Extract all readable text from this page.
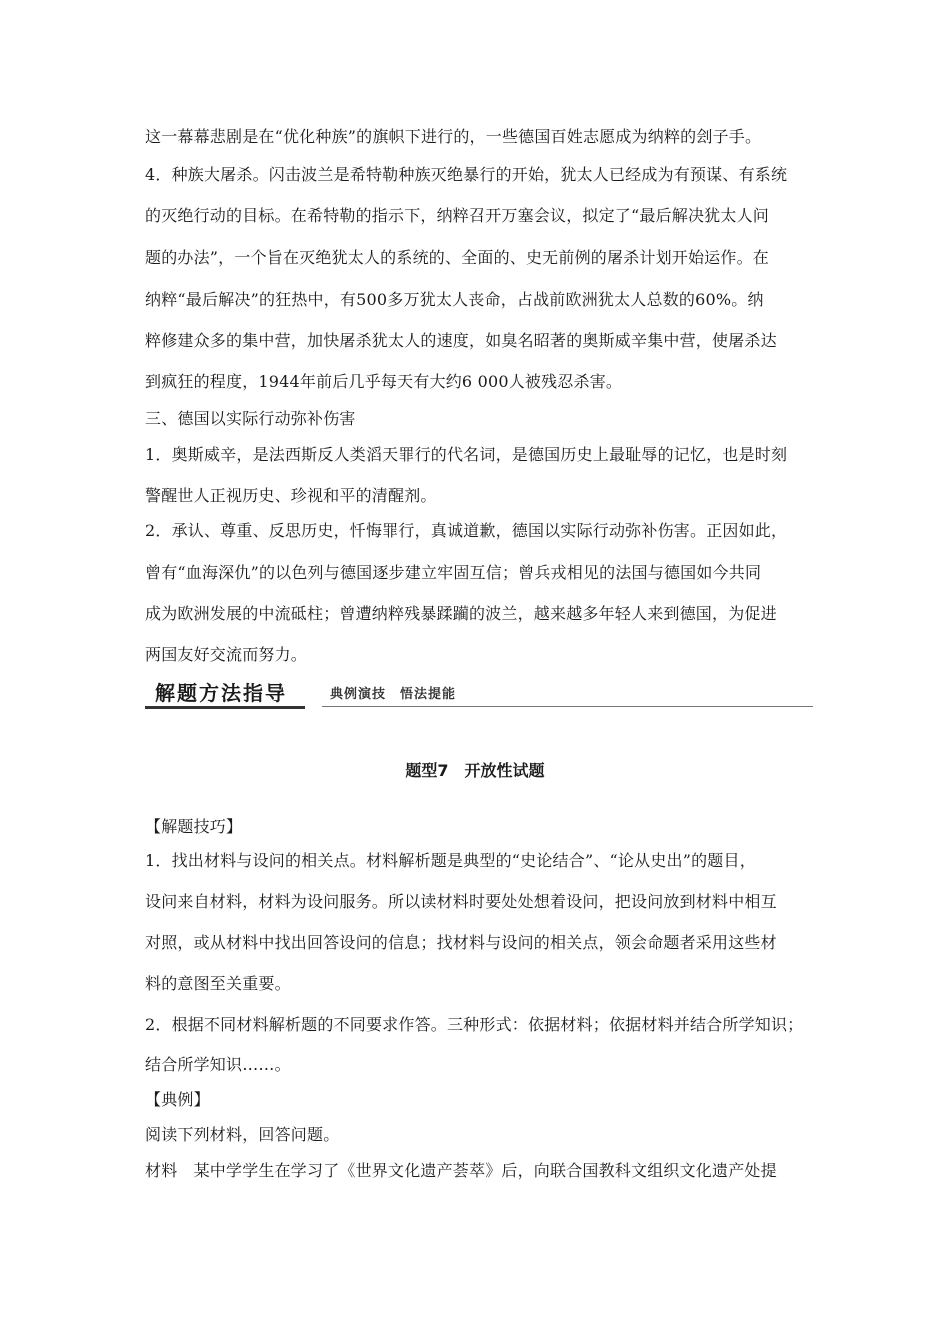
这一幕幕悲剧是在“优化种族”的旗帜下进行的，一些德国百姓志愿成为纳粹的刽子手。
4．种族大屠杀。闪击波兰是希特勒种族灭绝暴行的开始，犹太人已经成为有预谋、有系统
的灭绝行动的目标。在希特勒的指示下，纳粹召开万塞会议，拟定了“最后解决犹太人问
题的办法”，一个旨在灭绝犹太人的系统的、全面的、史无前例的屠杀计划开始运作。在
纳粹“最后解决”的狂热中，有500多万犹太人丧命，占战前欧洲犹太人总数的60%。纳
粹修建众多的集中营，加快屠杀犹太人的速度，如臭名昭著的奥斯威辛集中营，使屠杀达
到疯狂的程度，1944年前后几乎每天有大约6 000人被残忍杀害。
三、德国以实际行动弥补伤害
1．奥斯威辛，是法西斯反人类滔天罪行的代名词，是德国历史上最耻辱的记忆，也是时刻
警醒世人正视历史、珍视和平的清醒剂。
2．承认、尊重、反思历史，忏悔罪行，真诚道歉，德国以实际行动弥补伤害。正因如此，
曾有“血海深仇”的以色列与德国逐步建立牢固互信；曾兵戎相见的法国与德国如今共同
成为欧洲发展的中流砥柱；曾遭纳粹残暴蹂躏的波兰，越来越多年轻人来到德国，为促进
两国友好交流而努力。
解题方法指导	典例演技　悟法提能
题型7　开放性试题
【解题技巧】
1．找出材料与设问的相关点。材料解析题是典型的“史论结合”、“论从史出”的题目，
设问来自材料，材料为设问服务。所以读材料时要处处想着设问，把设问放到材料中相互
对照，或从材料中找出回答设问的信息；找材料与设问的相关点，领会命题者采用这些材
料的意图至关重要。
2．根据不同材料解析题的不同要求作答。三种形式：依据材料；依据材料并结合所学知识；
结合所学知识……。
【典例】
阅读下列材料，回答问题。
材料　某中学学生在学习了《世界文化遗产荟萃》后，向联合国教科文组织文化遗产处提
